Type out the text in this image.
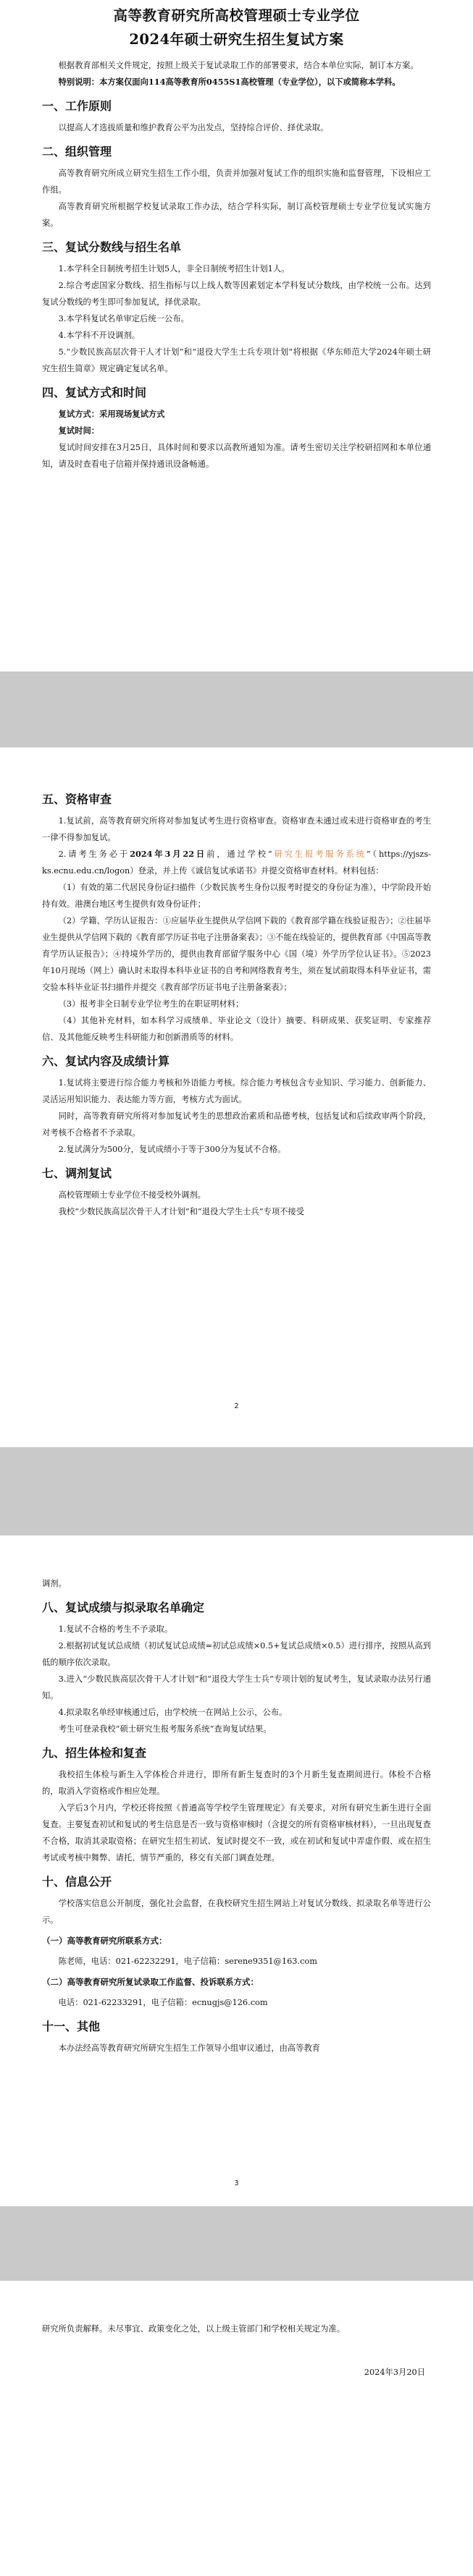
高等教育研究所高校管理硕士专业学位
2024年硕士研究生招生复试方案

根据教育部相关文件规定，按照上级关于复试录取工作的部署要求，结合本单位实际，制订本方案。

特别说明：本方案仅面向114高等教育所0455S1高校管理（专业学位），以下或简称本学科。

一、工作原则

以提高人才选拔质量和维护教育公平为出发点，坚持综合评价、择优录取。

二、组织管理

高等教育研究所成立研究生招生工作小组，负责并加强对复试工作的组织实施和监督管理，下设相应工作组。

高等教育研究所根据学校复试录取工作办法，结合学科实际，制订高校管理硕士专业学位复试实施方案。

三、复试分数线与招生名单

1.本学科全日制统考招生计划5人，非全日制统考招生计划1人。

2.综合考虑国家分数线、招生指标与以上线人数等因素划定本学科复试分数线，由学校统一公布。达到复试分数线的考生即可参加复试，择优录取。

3.本学科复试名单审定后统一公布。

4.本学科不开设调剂。

5.“少数民族高层次骨干人才计划”和“退役大学生士兵专项计划”将根据《华东师范大学2024年硕士研究生招生简章》规定确定复试名单。

四、复试方式和时间

复试方式：采用现场复试方式

复试时间：

复试时间安排在3月25日，具体时间和要求以高教所通知为准。请考生密切关注学校研招网和本单位通知，请及时查看电子信箱并保持通讯设备畅通。

五、资格审查

1.复试前，高等教育研究所将对参加复试考生进行资格审查。资格审查未通过或未进行资格审查的考生一律不得参加复试。

2.请考生务必于2024年3月22日前，通过学校“研究生报考服务系统”（https://yjszs-ks.ecnu.edu.cn/logon）登录，并上传《诚信复试承诺书》并提交资格审查材料。材料包括：

（1）有效的第二代居民身份证扫描件（少数民族考生身份以报考时提交的身份证为准），中学阶段开始持有效。港澳台地区考生提供有效身份证件；

（2）学籍、学历认证报告：①应届毕业生提供从学信网下载的《教育部学籍在线验证报告》；②往届毕业生提供从学信网下载的《教育部学历证书电子注册备案表》；③不能在线验证的，提供教育部《中国高等教育学历认证报告》；④持境外学历的，提供由教育部留学服务中心《国（境）外学历学位认证书》。⑤2023年10月现场（网上）确认时未取得本科毕业证书的自考和网络教育考生，须在复试前取得本科毕业证书，需交验本科毕业证书扫描件并提交《教育部学历证书电子注册备案表》；

（3）报考非全日制专业学位考生的在职证明材料；

（4）其他补充材料，如本科学习成绩单、毕业论文（设计）摘要、科研成果、获奖证明、专家推荐信、及其他能反映考生科研能力和创新潜质等的材料。

六、复试内容及成绩计算

1.复试将主要进行综合能力考核和外语能力考核。综合能力考核包含专业知识、学习能力、创新能力、灵活运用知识能力、表达能力等方面，考核方式为面试。

同时，高等教育研究所将对参加复试考生的思想政治素质和品德考核，包括复试和后续政审两个阶段，对考核不合格者不予录取。

2.复试满分为500分，复试成绩小于等于300分为复试不合格。

七、调剂复试

高校管理硕士专业学位不接受校外调剂。

我校“少数民族高层次骨干人才计划”和“退役大学生士兵”专项不接受

2

调剂。

八、复试成绩与拟录取名单确定

1.复试不合格的考生不予录取。

2.根据初试复试总成绩（初试复试总成绩=初试总成绩×0.5+复试总成绩×0.5）进行排序，按照从高到低的顺序依次录取。

3.进入“少数民族高层次骨干人才计划”和“退役大学生士兵”专项计划的复试考生，复试录取办法另行通知。

4.拟录取名单经审核通过后，由学校统一在网站上公示，公布。

考生可登录我校“硕士研究生报考服务系统”查询复试结果。

九、招生体检和复查

我校招生体检与新生入学体检合并进行，即所有新生复查时的3个月新生复查期间进行。体检不合格的，取消入学资格或作相应处理。

入学后3个月内，学校还将按照《普通高等学校学生管理规定》有关要求，对所有研究生新生进行全面复查。主要复查初试和复试的考生信息是否一致与资格审核时（含提交的所有资格审核材料），一旦出现复查不合格，取消其录取资格；在研究生招生初试、复试时提交不一致，或在初试和复试中弄虚作假、或在招生考试或考核中舞弊、请托、情节严重的，移交有关部门调查处理。

十、信息公开

学校落实信息公开制度，强化社会监督，在我校研究生招生网站上对复试分数线、拟录取名单等进行公示。

（一）高等教育研究所联系方式：

陈老师，电话：021-62232291，电子信箱：serene9351@163.com

（二）高等教育研究所复试录取工作监督、投诉联系方式：

电话：021-62233291，电子信箱：ecnugjs@126.com

十一、其他

本办法经高等教育研究所研究生招生工作领导小组审议通过，由高等教育

3

研究所负责解释。未尽事宜、政策变化之处，以上级主管部门和学校相关规定为准。

2024年3月20日
